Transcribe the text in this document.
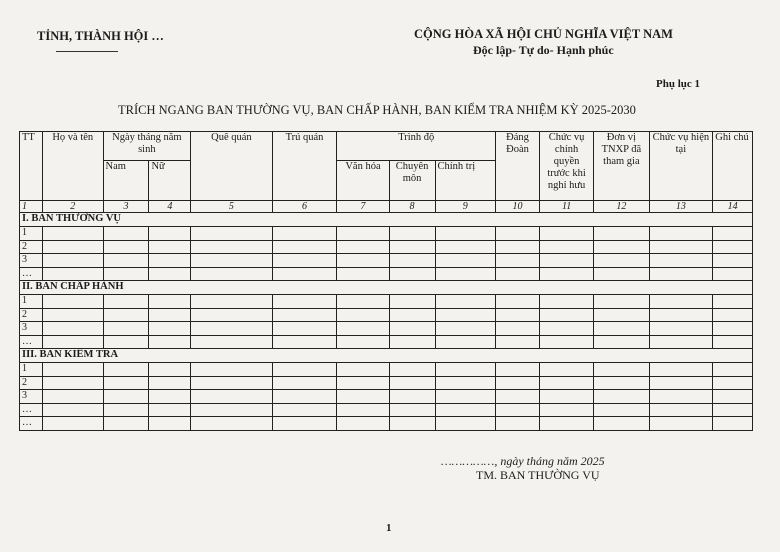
TỈNH, THÀNH HỘI …	CỘNG HÒA XÃ HỘI CHỦ NGHĨA VIỆT NAM
Độc lập- Tự do- Hạnh phúc
Phụ lục 1
TRÍCH NGANG BAN THƯỜNG VỤ, BAN CHẤP HÀNH, BAN KIỂM TRA NHIỆM KỲ 2025-2030
TT	Họ và tên	Ngày tháng năm sinh		Quê quán	Trú quán	Trình độ			Đảng Đoàn	Chức vụ chính quyền trước khi nghỉ hưu	Đơn vị TNXP đã tham gia	Chức vụ hiện tại	Ghi chú
		Nam	Nữ			Văn hóa	Chuyên môn	Chính trị					
1	2	3	4	5	6	7	8	9	10	11	12	13	14
I. BAN THƯỜNG VỤ													
1													
2													
3													
…													
II. BAN CHẤP HÀNH													
1													
2													
3													
…													
III. BAN KIỂM TRA													
1													
2													
3													
…													
…													
……………, ngày tháng năm 2025
TM. BAN THƯỜNG VỤ
1
